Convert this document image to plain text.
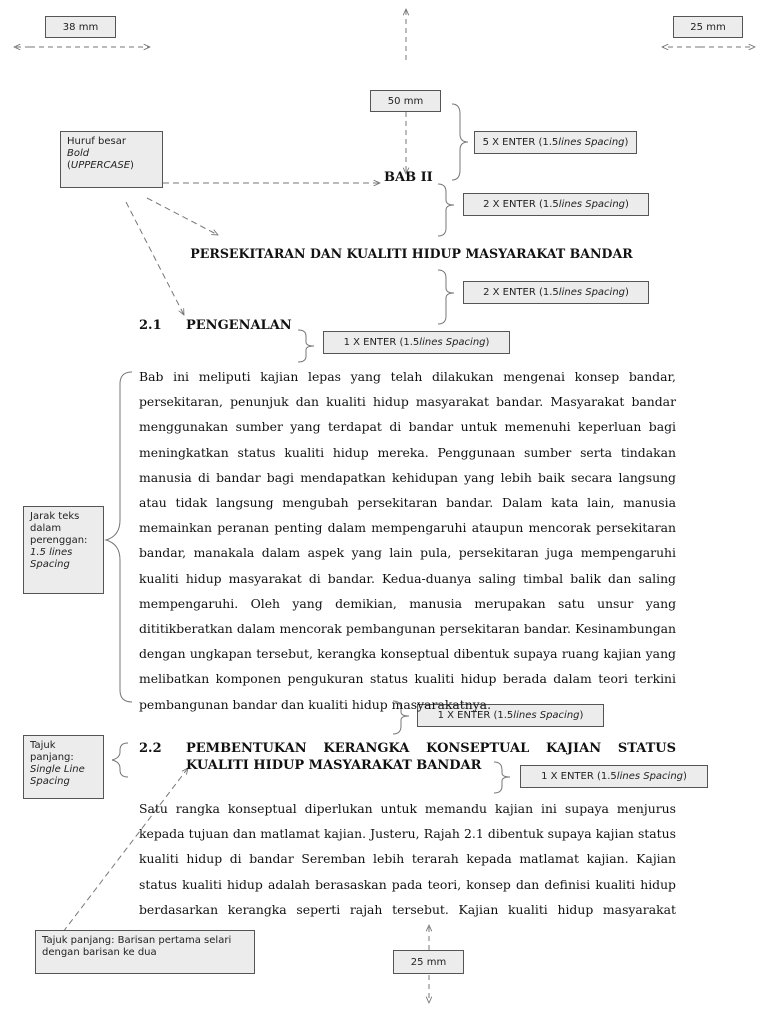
38 mm	25 mm
50 mm
25 mm
5 X ENTER (1.5 lines Spacing )
2 X ENTER (1.5 lines Spacing )
2 X ENTER (1.5 lines Spacing )
1 X ENTER (1.5 lines Spacing )
1 X ENTER (1.5 lines Spacing )
1 X ENTER (1.5 lines Spacing )
Huruf besar
Bold
(UPPERCASE)
Jarak teks dalam perenggan:
1.5 lines Spacing
Tajuk panjang:
Single Line Spacing
Tajuk panjang: Barisan pertama selari dengan barisan ke dua
BAB II
PERSEKITARAN DAN KUALITI HIDUP MASYARAKAT BANDAR
2.1 PENGENALAN
Bab ini meliputi kajian lepas yang telah dilakukan mengenai konsep bandar, persekitaran, penunjuk dan kualiti hidup masyarakat bandar. Masyarakat bandar menggunakan sumber yang terdapat di bandar untuk memenuhi keperluan bagi meningkatkan status kualiti hidup mereka. Penggunaan sumber serta tindakan manusia di bandar bagi mendapatkan kehidupan yang lebih baik secara langsung atau tidak langsung mengubah persekitaran bandar. Dalam kata lain, manusia memainkan peranan penting dalam mempengaruhi ataupun mencorak persekitaran bandar, manakala dalam aspek yang lain pula, persekitaran juga mempengaruhi kualiti hidup masyarakat di bandar. Kedua-duanya saling timbal balik dan saling mempengaruhi. Oleh yang demikian, manusia merupakan satu unsur yang dititikberatkan dalam mencorak pembangunan persekitaran bandar. Kesinambungan dengan ungkapan tersebut, kerangka konseptual dibentuk supaya ruang kajian yang melibatkan komponen pengukuran status kualiti hidup berada dalam teori terkini pembangunan bandar dan kualiti hidup masyarakatnya.
2.2 PEMBENTUKAN KERANGKA KONSEPTUAL KAJIAN STATUS
KUALITI HIDUP MASYARAKAT BANDAR
Satu rangka konseptual diperlukan untuk memandu kajian ini supaya menjurus kepada tujuan dan matlamat kajian. Justeru, Rajah 2.1 dibentuk supaya kajian status kualiti hidup di bandar Seremban lebih terarah kepada matlamat kajian. Kajian status kualiti hidup adalah berasaskan pada teori, konsep dan definisi kualiti hidup berdasarkan kerangka seperti rajah tersebut. Kajian kualiti hidup masyarakat
